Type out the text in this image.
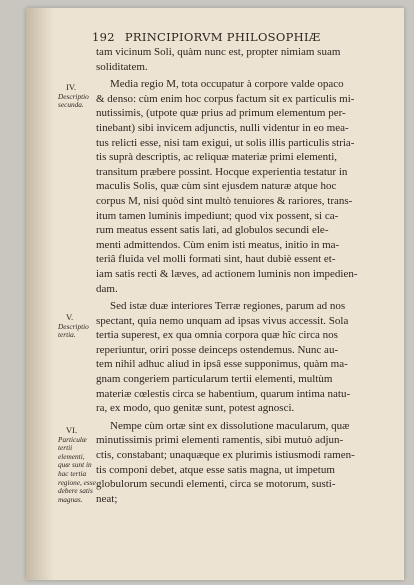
192 PRINCIPIORVM PHILOSOPHIÆ
IV.
Descriptio secunda.
V.
Descriptio tertia.
VI.
Particulæ tertii elementi, quæ sunt in hac tertia regione, esse debere satis magnas.

tam vicinum Soli, quàm nunc est, propter nimiam suam
soliditatem.

Media regio M, tota occupatur à corpore valde opaco
& denso: cùm enim hoc corpus factum sit ex particulis mi-
nutissimis, (utpote quæ prius ad primum elementum per-
tinebant) sibi invicem adjunctis, nulli videntur in eo mea-
tus relicti esse, nisi tam exigui, ut solis illis particulis stria-
tis suprà descriptis, ac reliquæ materiæ primi elementi,
transitum præbere possint. Hocque experientia testatur in
maculis Solis, quæ cùm sint ejusdem naturæ atque hoc
corpus M, nisi quòd sint multò tenuiores & rariores, trans-
itum tamen luminis impediunt; quod vix possent, si ca-
rum meatus essent satis lati, ad globulos secundi ele-
menti admittendos. Cùm enim isti meatus, initio in ma-
teriâ fluida vel molli formati sint, haut dubiè essent et-
iam satis recti & læves, ad actionem luminis non impedien-
dam.

Sed istæ duæ interiores Terræ regiones, parum ad nos
spectant, quia nemo unquam ad ipsas vivus accessit. Sola
tertia superest, ex qua omnia corpora quæ hîc circa nos
reperiuntur, oriri posse deinceps ostendemus. Nunc au-
tem nihil adhuc aliud in ipsâ esse supponimus, quàm ma-
gnam congeriem particularum tertii elementi, multùm
materiæ cœlestis circa se habentium, quarum intima natu-
ra, ex modo, quo genitæ sunt, potest agnosci.

Nempe cùm ortæ sint ex dissolutione macularum, quæ
minutissimis primi elementi ramentis, sibi mutuò adjun-
ctis, constabant; unaquæque ex plurimis istiusmodi ramen-
tis componi debet, atque esse satis magna, ut impetum
globulorum secundi elementi, circa se motorum, susti-
neat;
